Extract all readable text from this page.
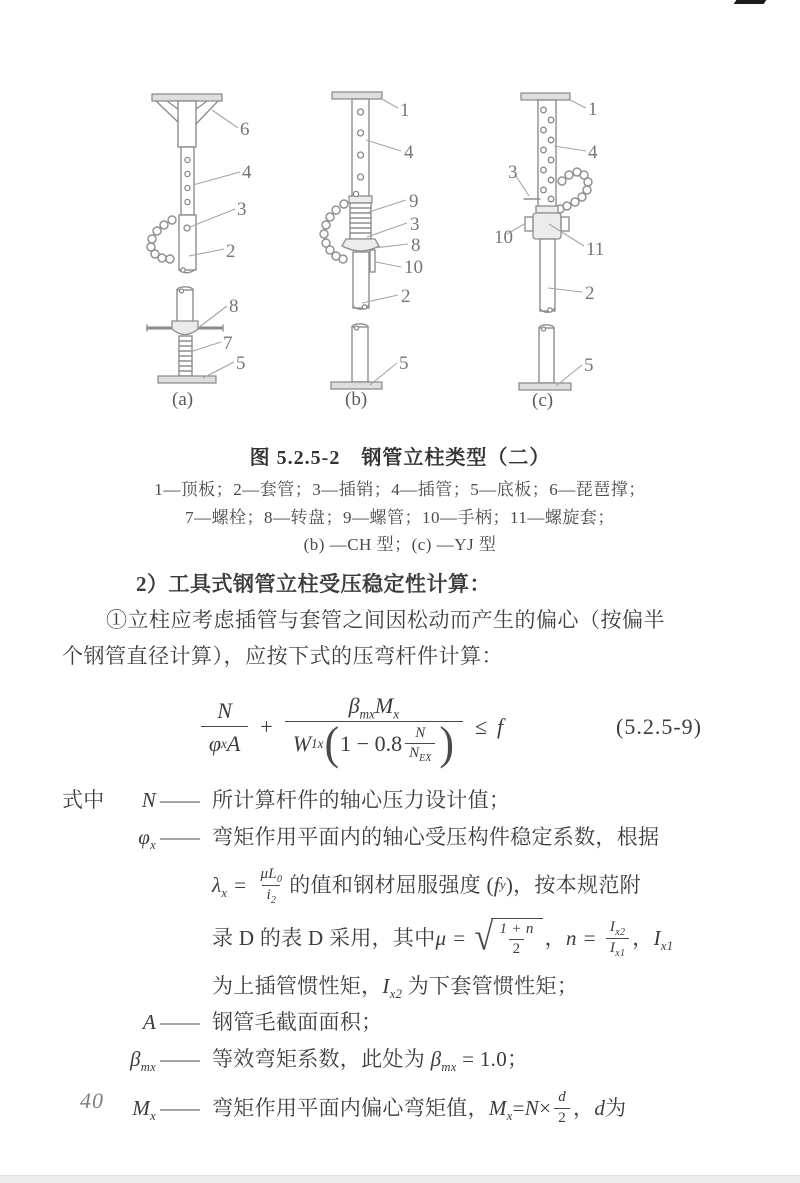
6
4
3
2
8
7
5
1
4
9
3
8
10
2
5
1
4
3
10
11
2
5
(a)	(b)	(c)
图 5.2.5-2　钢管立柱类型（二）
1—顶板；2—套管；3—插销；4—插管；5—底板；6—琵琶撑；
7—螺栓；8—转盘；9—螺管；10—手柄；11—螺旋套；
(b) —CH 型；(c) —YJ 型

2）工具式钢管立柱受压稳定性计算：

①立柱应考虑插管与套管之间因松动而产生的偏心（按偏半
个钢管直径计算），应按下式的压弯杆件计算：

$\frac{N}{\text{φ x A}}$ +
$\beta_{mx}M_x$
W 1x ( 1 − 0.8 N
$N_{EX}$ ) ≤ f	(5.2.5-9)
式中	N —— 所计算杆件的轴心压力设计值；
$\varphi_x$ —— 弯矩作用平面内的轴心受压构件稳定系数，根据
$\lambda_x = \frac{\mu L_0}{i_2}$ 的值和钢材屈服强度 ( f y )，按本规范附
录 D 的表 D 采用，其中 μ = √ $\frac{1 + n}{2}$ ， $n = \frac{I_{x2}}{I_{x1}}$ ， $I_{x1}$
为上插管惯性矩，$I_{x2}$ 为下套管惯性矩；
A —— 钢管毛截面面积；
$\beta_{mx}$ —— 等效弯矩系数，此处为 $\beta_{mx} = 1.0$；
$M_x$ —— 弯矩作用平面内偏心弯矩值， $M_x = N \times \frac{d}{2}$ ， d 为
40
